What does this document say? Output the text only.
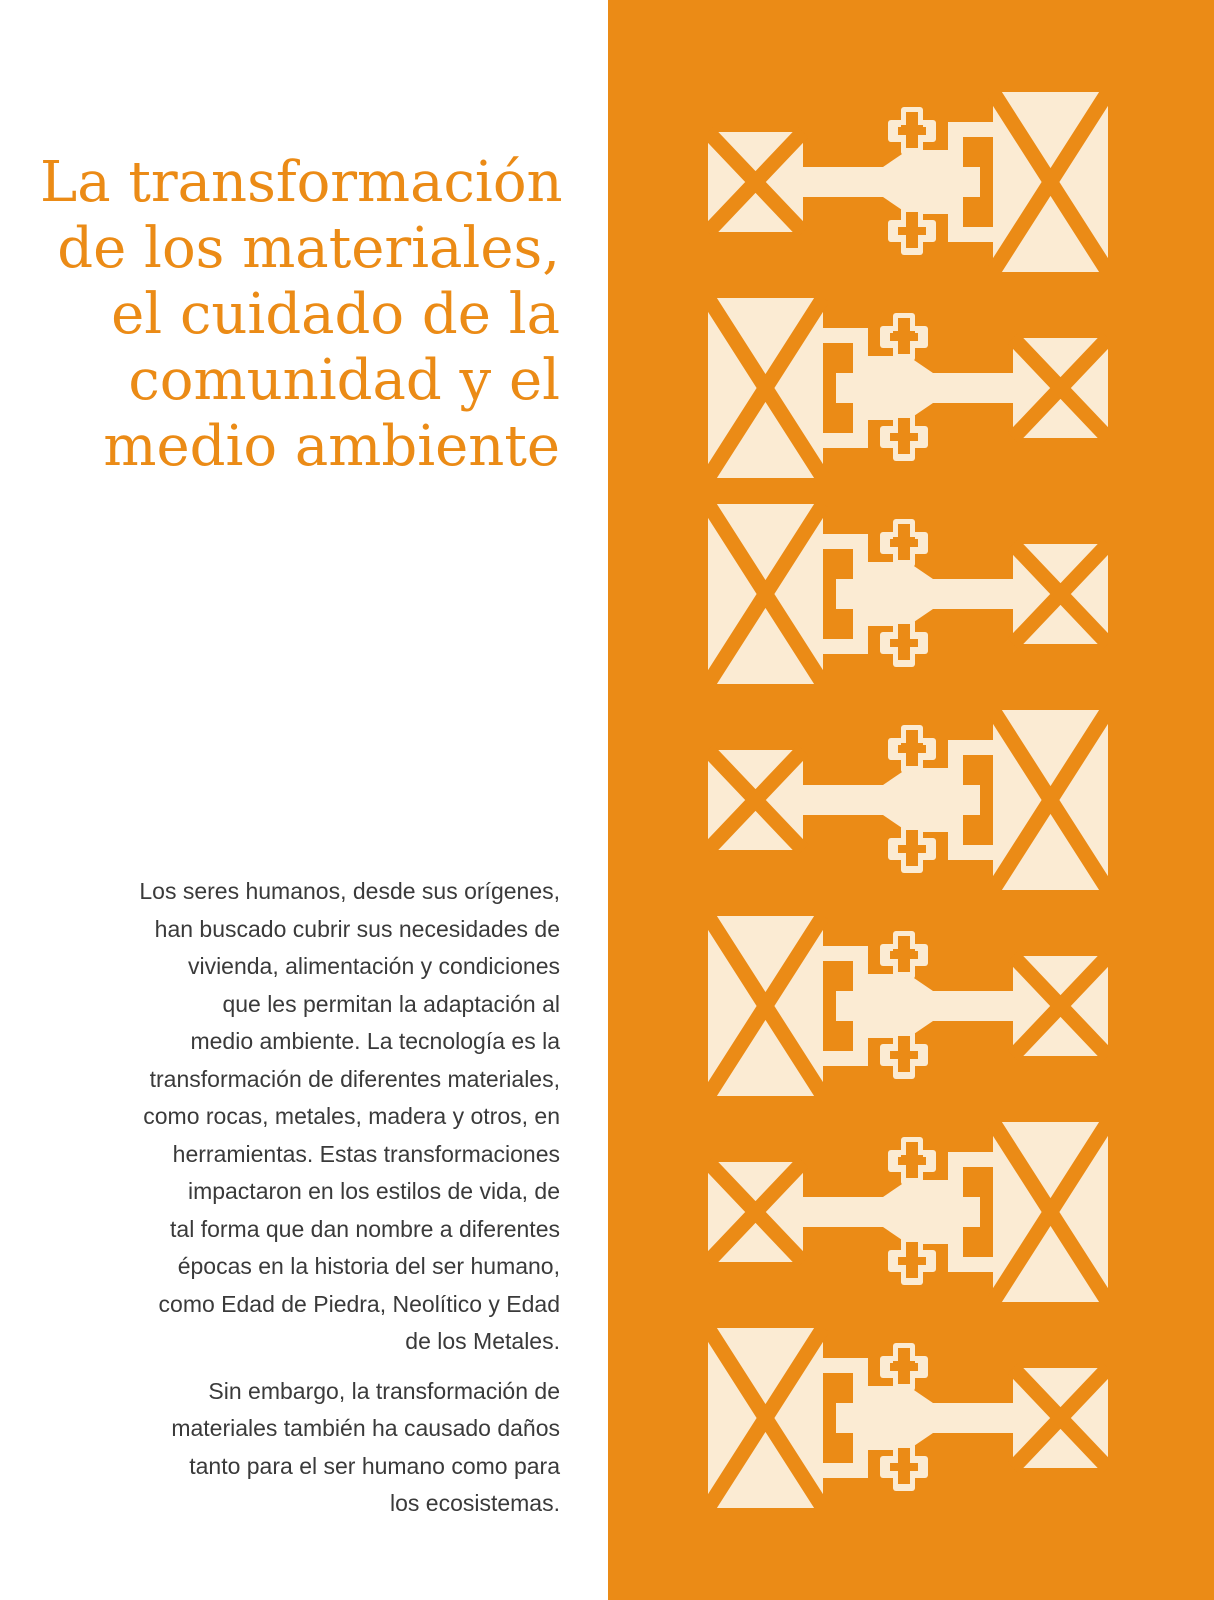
La transformación
de los materiales,
el cuidado de la
comunidad y el
medio ambiente

Los seres humanos, desde sus orígenes,
han buscado cubrir sus necesidades de
vivienda, alimentación y condiciones
que les permitan la adaptación al
medio ambiente. La tecnología es la
transformación de diferentes materiales,
como rocas, metales, madera y otros, en
herramientas. Estas transformaciones
impactaron en los estilos de vida, de
tal forma que dan nombre a diferentes
épocas en la historia del ser humano,
como Edad de Piedra, Neolítico y Edad
de los Metales.

Sin embargo, la transformación de
materiales también ha causado daños
tanto para el ser humano como para
los ecosistemas.
